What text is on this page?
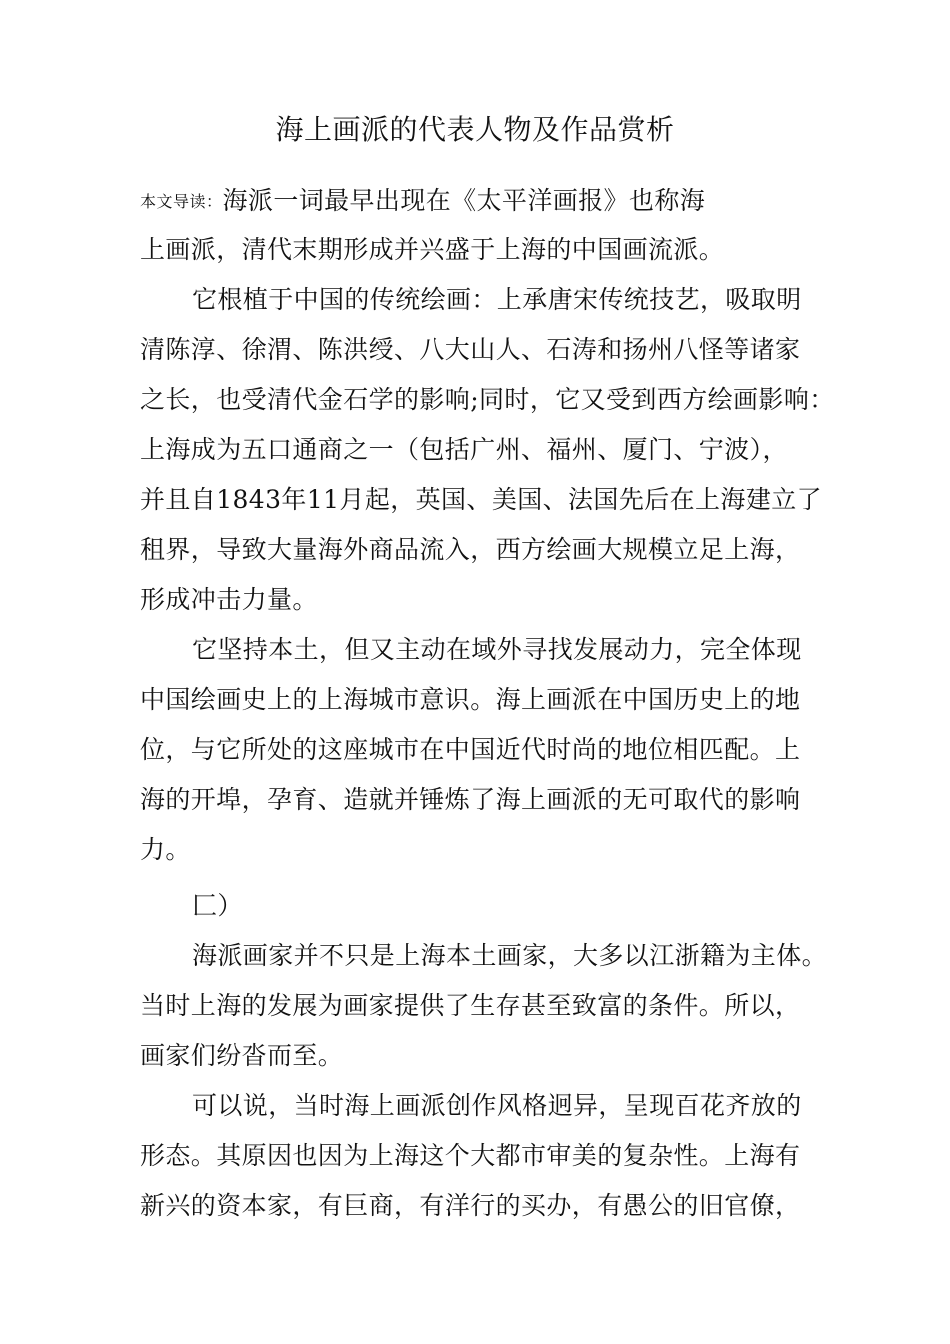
海上画派的代表人物及作品赏析
本文导读：海派一词最早出现在《太平洋画报》也称海
上画派，清代末期形成并兴盛于上海的中国画流派。
它根植于中国的传统绘画：上承唐宋传统技艺，吸取明
清陈淳、徐渭、陈洪绶、八大山人、石涛和扬州八怪等诸家
之长，也受清代金石学的影响;同时，它又受到西方绘画影响：
上海成为五口通商之一（包括广州、福州、厦门、宁波），
并且自1843年11月起，英国、美国、法国先后在上海建立了
租界，导致大量海外商品流入，西方绘画大规模立足上海，
形成冲击力量。
它坚持本土，但又主动在域外寻找发展动力，完全体现
中国绘画史上的上海城市意识。海上画派在中国历史上的地
位，与它所处的这座城市在中国近代时尚的地位相匹配。上
海的开埠，孕育、造就并锤炼了海上画派的无可取代的影响
力。
匚）
海派画家并不只是上海本土画家，大多以江浙籍为主体。
当时上海的发展为画家提供了生存甚至致富的条件。所以，
画家们纷沓而至。
可以说，当时海上画派创作风格迥异，呈现百花齐放的
形态。其原因也因为上海这个大都市审美的复杂性。上海有
新兴的资本家，有巨商，有洋行的买办，有愚公的旧官僚，
